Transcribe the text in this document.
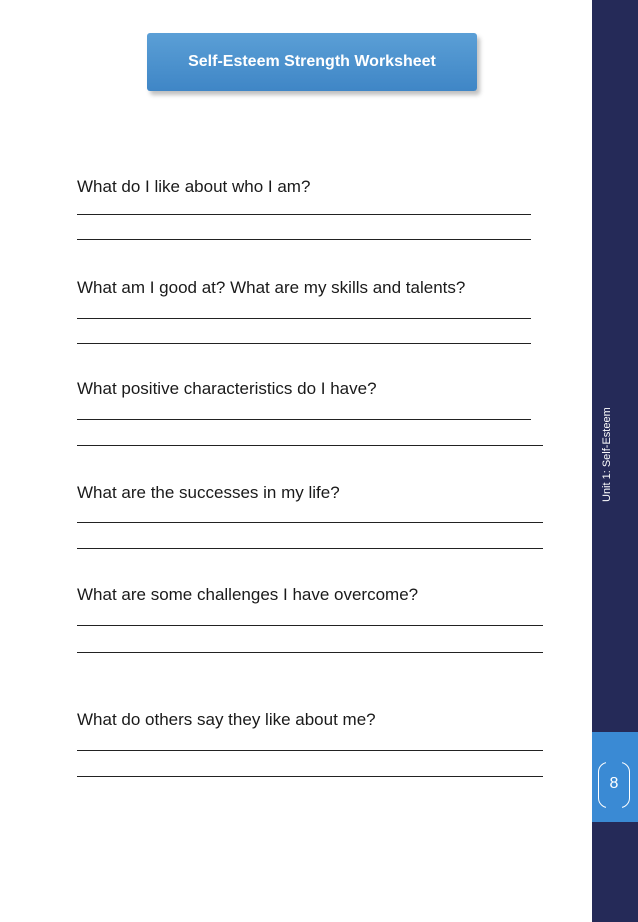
Self-Esteem Strength Worksheet
What do I like about who I am?
What am I good at? What are my skills and talents?
What positive characteristics do I have?
What are the successes in my life?
What are some challenges I have overcome?
What do others say they like about me?
Unit 1: Self-Esteem
8
